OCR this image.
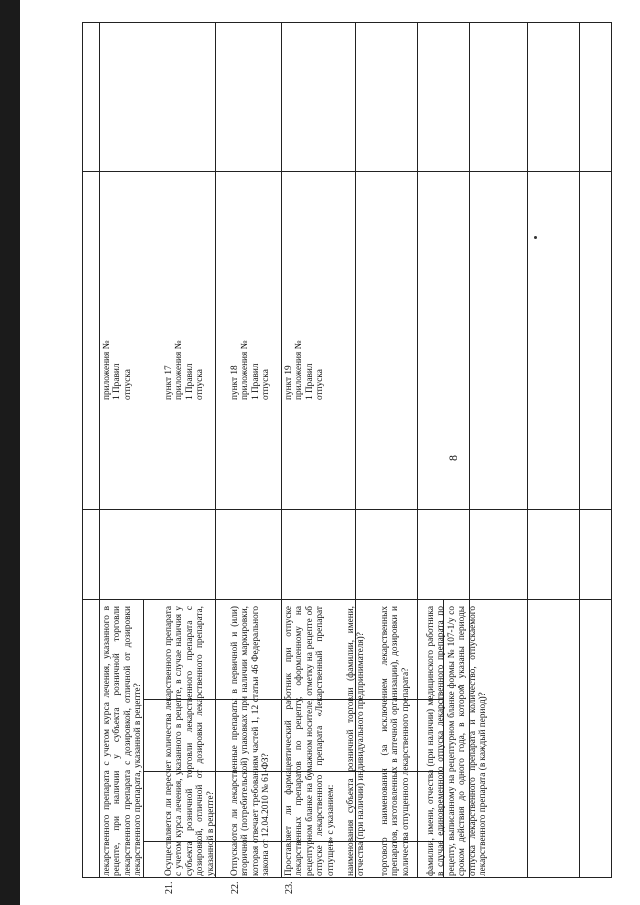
8
лекарственного препарата с учетом курса лечения, указанного в рецепте, при наличии у субъекта розничной торговли лекарственного препарата с дозировкой, отличной от дозировки лекарственного препарата, указанной в рецепте?
приложения № 1 Правил отпуска
21.
Осуществляется ли пересчет количества лекарственного препарата с учетом курса лечения, указанного в рецепте, в случае наличия у субъекта розничной торговли лекарственного препарата с дозировкой, отличной от дозировки лекарственного препарата, указанной в рецепте?
пункт 17 приложения № 1 Правил отпуска
22.
Отпускаются ли лекарственные препараты в первичной и (или) вторичной (потребительской) упаковках при наличии маркировки, которая отвечает требованиям частей 1, 12 статьи 46 Федерального закона от 12.04.2010 № 61-ФЗ?
пункт 18 приложения № 1 Правил отпуска
23.
Проставляет ли фармацевтический работник при отпуске лекарственных препаратов по рецепту, оформленному на рецептурном бланке на бумажном носителе, отметку на рецепте об отпуске лекарственного препарата «Лекарственный препарат отпущен» с указанием:
пункт 19 приложения № 1 Правил отпуска
наименования субъекта розничной торговли (фамилии, имени, отчества (при наличии) индивидуального предпринимателя)?	торгового наименования (за исключением лекарственных препаратов, изготовленных в аптечной организации), дозировки и количества отпущенного лекарственного препарата?	фамилии, имени, отчества (при наличии) медицинского работника в случае единовременного отпуска лекарственного препарата по рецепту, выписанному на рецептурном бланке формы № 107-1/у со сроком действия до одного года, в котором указаны периоды отпуска лекарственного препарата и количество, отпускаемого лекарственного препарата (в каждый период)?
